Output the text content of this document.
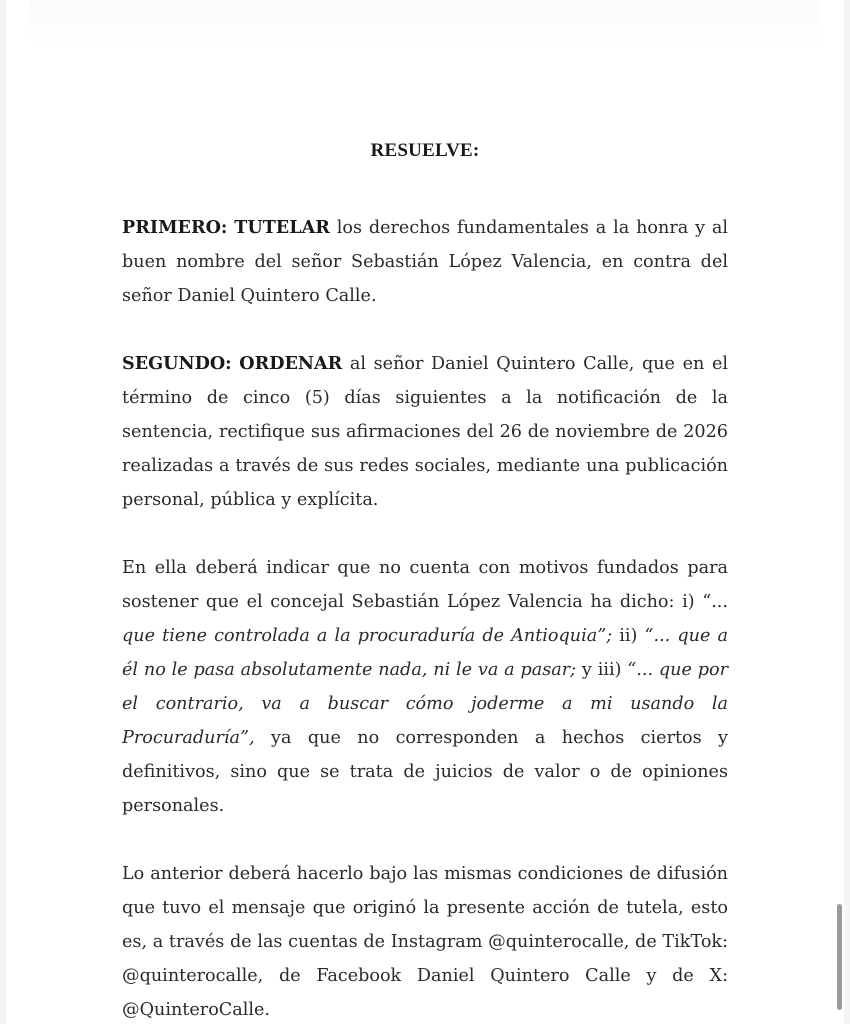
RESUELVE:

PRIMERO: TUTELAR los derechos fundamentales a la honra y al buen nombre del señor Sebastián López Valencia, en contra del señor Daniel Quintero Calle.

SEGUNDO: ORDENAR al señor Daniel Quintero Calle, que en el término de cinco (5) días siguientes a la notificación de la sentencia, rectifique sus afirmaciones del 26 de noviembre de 2026 realizadas a través de sus redes sociales, mediante una publicación personal, pública y explícita.

En ella deberá indicar que no cuenta con motivos fundados para sostener que el concejal Sebastián López Valencia ha dicho: i) “... que tiene controlada a la procuraduría de Antioquia”; ii) “... que a él no le pasa absolutamente nada, ni le va a pasar; y iii) “... que por el contrario, va a buscar cómo joderme a mi usando la Procuraduría”, ya que no corresponden a hechos ciertos y definitivos, sino que se trata de juicios de valor o de opiniones personales.

Lo anterior deberá hacerlo bajo las mismas condiciones de difusión que tuvo el mensaje que originó la presente acción de tutela, esto es, a través de las cuentas de Instagram @quinterocalle, de TikTok: @quinterocalle, de Facebook Daniel Quintero Calle y de X: @QuinteroCalle.
